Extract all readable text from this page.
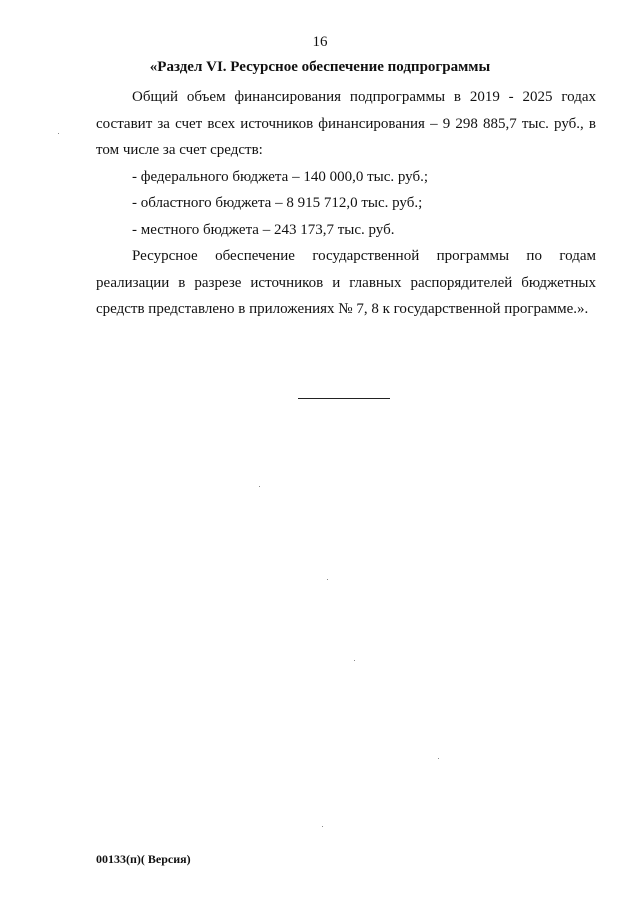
16
«Раздел VI. Ресурсное обеспечение подпрограммы

Общий объем финансирования подпрограммы в 2019 - 2025 годах составит за счет всех источников финансирования – 9 298 885,7 тыс. руб., в том числе за счет средств:

- федерального бюджета – 140 000,0 тыс. руб.;

- областного бюджета – 8 915 712,0 тыс. руб.;

- местного бюджета – 243 173,7 тыс. руб.

Ресурсное обеспечение государственной программы по годам реализации в разрезе источников и главных распорядителей бюджетных средств представлено в приложениях № 7, 8 к государственной программе.».

00133(п)( Версия)
